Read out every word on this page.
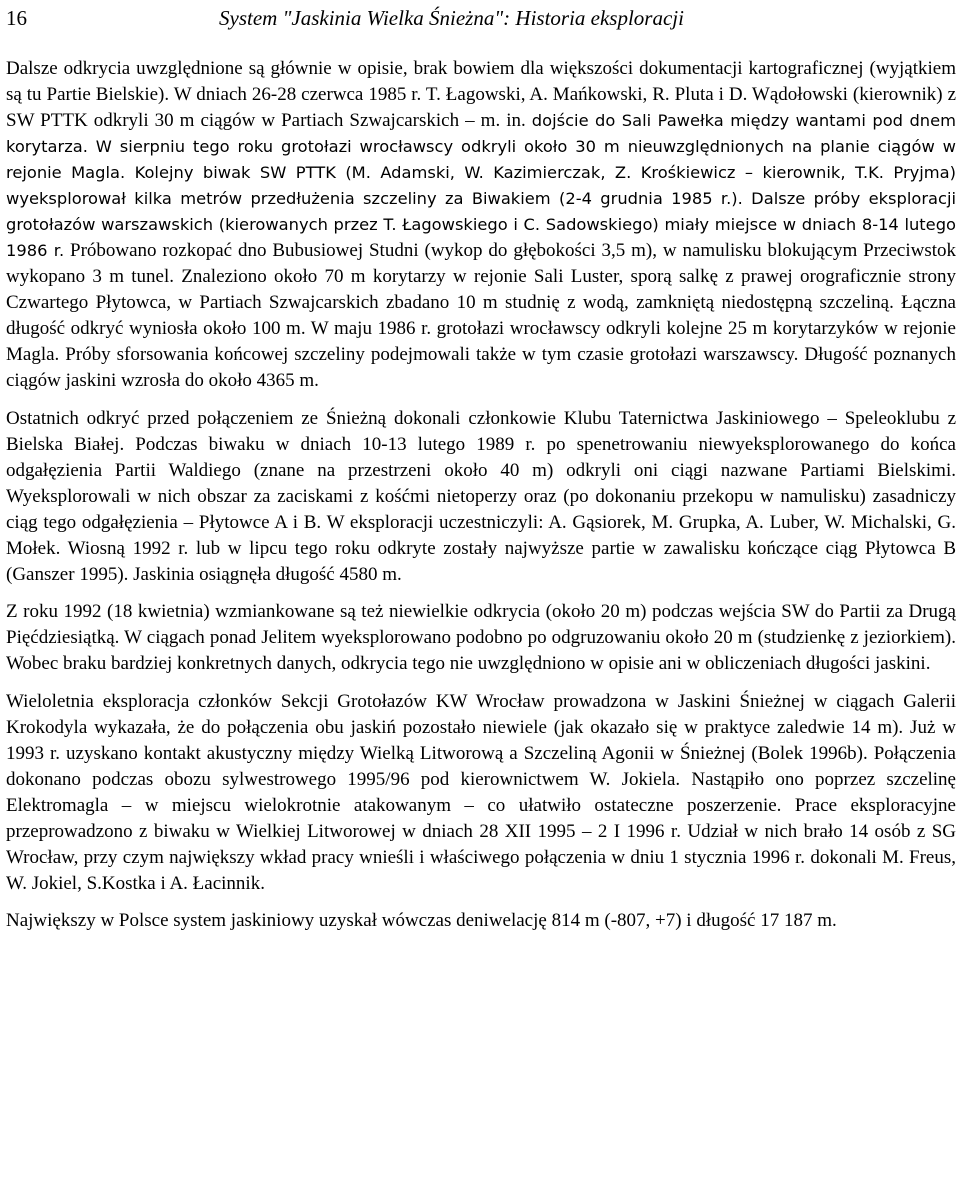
16	System "Jaskinia Wielka Śnieżna": Historia eksploracji

Dalsze odkrycia uwzględnione są głównie w opisie, brak bowiem dla większości dokumentacji kartograficznej (wyjątkiem są tu Partie Bielskie). W dniach 26-28 czerwca 1985 r. T. Łagowski, A. Mańkowski, R. Pluta i D. Wądołowski (kierownik) z SW PTTK odkryli 30 m ciągów w Partiach Szwajcarskich – m. in. dojście do Sali Pawełka między wantami pod dnem korytarza. W sierpniu tego roku grotołazi wrocławscy odkryli około 30 m nieuwzględnionych na planie ciągów w rejonie Magla. Kolejny biwak SW PTTK (M. Adamski, W. Kazimierczak, Z. Krośkiewicz – kierownik, T.K. Pryjma) wyeksplorował kilka metrów przedłużenia szczeliny za Biwakiem (2-4 grudnia 1985 r.). Dalsze próby eksploracji grotołazów warszawskich (kierowanych przez T. Łagowskiego i C. Sadowskiego) miały miejsce w dniach 8-14 lutego 1986 r. Próbowano rozkopać dno Bubusiowej Studni (wykop do głębokości 3,5 m), w namulisku blokującym Przeciwstok wykopano 3 m tunel. Znaleziono około 70 m korytarzy w rejonie Sali Luster, sporą salkę z prawej orograficznie strony Czwartego Płytowca, w Partiach Szwajcarskich zbadano 10 m studnię z wodą, zamkniętą niedostępną szczeliną. Łączna długość odkryć wyniosła około 100 m. W maju 1986 r. grotołazi wrocławscy odkryli kolejne 25 m korytarzyków w rejonie Magla. Próby sforsowania końcowej szczeliny podejmowali także w tym czasie grotołazi warszawscy. Długość poznanych ciągów jaskini wzrosła do około 4365 m.

Ostatnich odkryć przed połączeniem ze Śnieżną dokonali członkowie Klubu Taternictwa Jaskiniowego – Speleoklubu z Bielska Białej. Podczas biwaku w dniach 10-13 lutego 1989 r. po spenetrowaniu niewyeksplorowanego do końca odgałęzienia Partii Waldiego (znane na przestrzeni około 40 m) odkryli oni ciągi nazwane Partiami Bielskimi. Wyeksplorowali w nich obszar za zaciskami z kośćmi nietoperzy oraz (po dokonaniu przekopu w namulisku) zasadniczy ciąg tego odgałęzienia – Płytowce A i B. W eksploracji uczestniczyli: A. Gąsiorek, M. Grupka, A. Luber, W. Michalski, G. Mołek. Wiosną 1992 r. lub w lipcu tego roku odkryte zostały najwyższe partie w zawalisku kończące ciąg Płytowca B (Ganszer 1995). Jaskinia osiągnęła długość 4580 m.

Z roku 1992 (18 kwietnia) wzmiankowane są też niewielkie odkrycia (około 20 m) podczas wejścia SW do Partii za Drugą Pięćdziesiątką. W ciągach ponad Jelitem wyeksplorowano podobno po odgruzowaniu około 20 m (studzienkę z jeziorkiem). Wobec braku bardziej konkretnych danych, odkrycia tego nie uwzględniono w opisie ani w obliczeniach długości jaskini.

Wieloletnia eksploracja członków Sekcji Grotołazów KW Wrocław prowadzona w Jaskini Śnieżnej w ciągach Galerii Krokodyla wykazała, że do połączenia obu jaskiń pozostało niewiele (jak okazało się w praktyce zaledwie 14 m). Już w 1993 r. uzyskano kontakt akustyczny między Wielką Litworową a Szczeliną Agonii w Śnieżnej (Bolek 1996b). Połączenia dokonano podczas obozu sylwestrowego 1995/96 pod kierownictwem W. Jokiela. Nastąpiło ono poprzez szczelinę Elektromagla – w miejscu wielokrotnie atakowanym – co ułatwiło ostateczne poszerzenie. Prace eksploracyjne przeprowadzono z biwaku w Wielkiej Litworowej w dniach 28 XII 1995 – 2 I 1996 r. Udział w nich brało 14 osób z SG Wrocław, przy czym największy wkład pracy wnieśli i właściwego połączenia w dniu 1 stycznia 1996 r. dokonali M. Freus, W. Jokiel, S.Kostka i A. Łacinnik.

Największy w Polsce system jaskiniowy uzyskał wówczas deniwelację 814 m (-807, +7) i długość 17 187 m.
